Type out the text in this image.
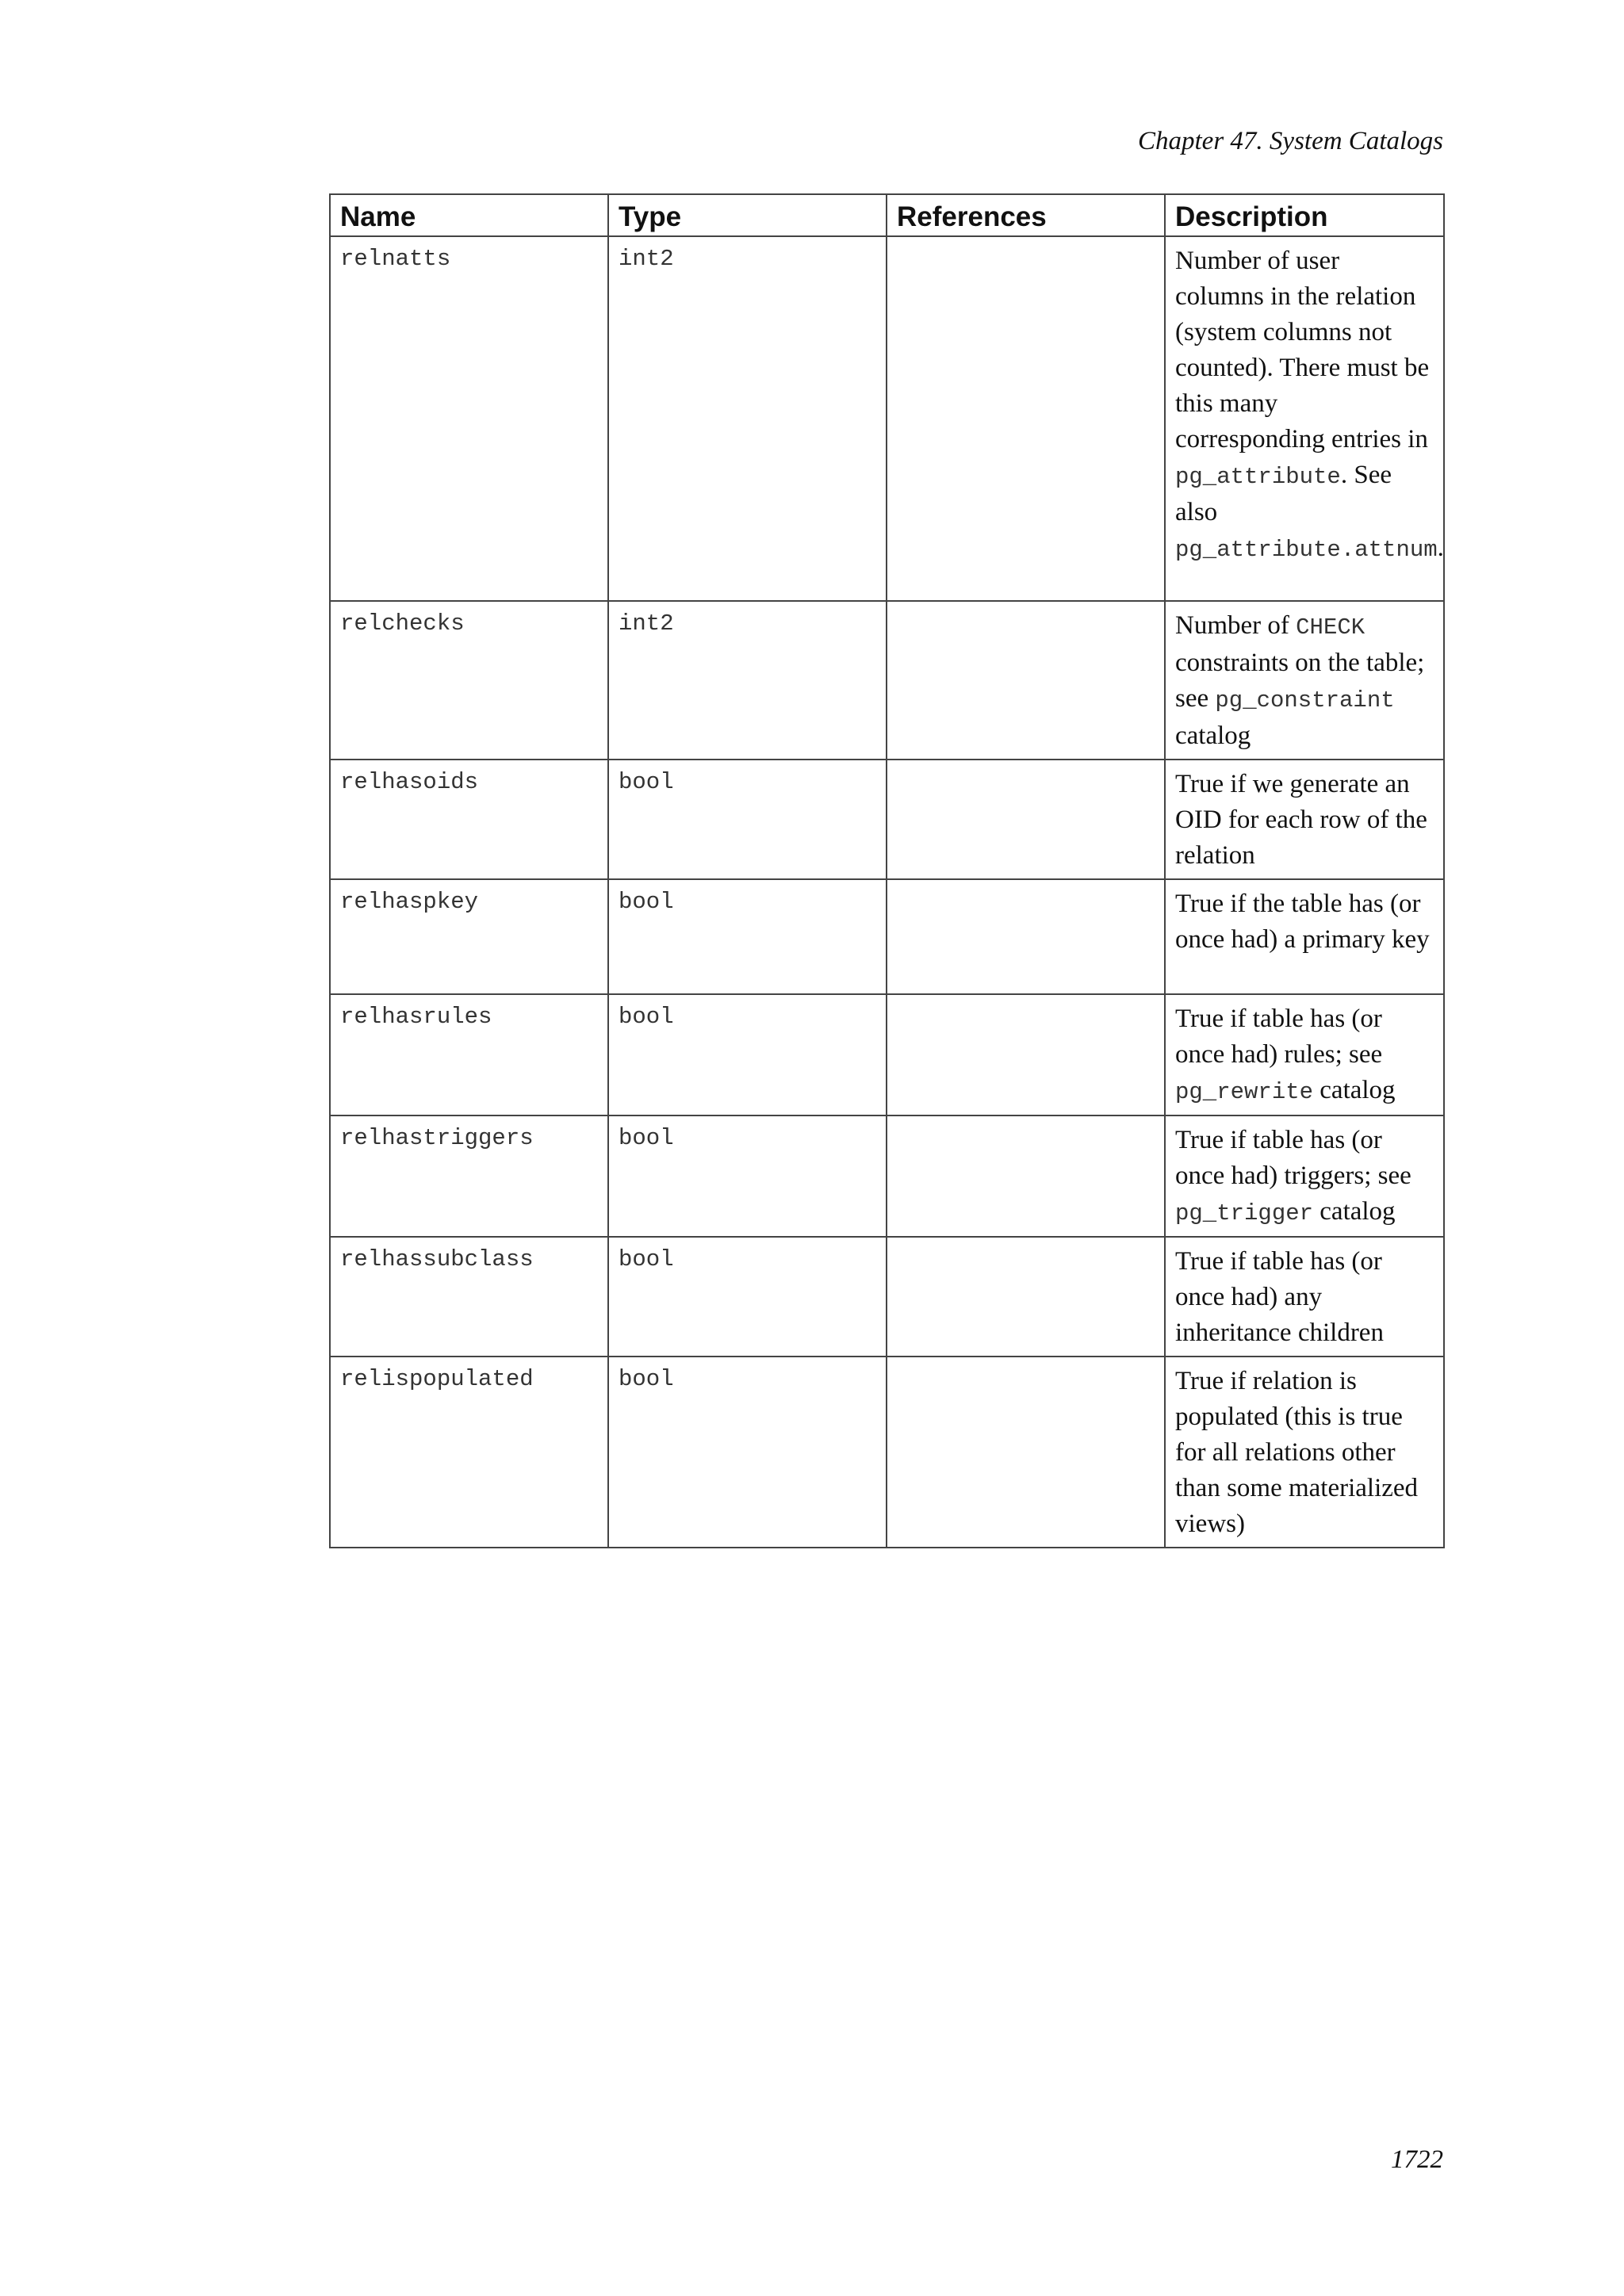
Chapter 47. System Catalogs
Name	Type	References	Description
relnatts	int2		Number of user columns in the relation (system columns not counted). There must be this many corresponding entries in pg_attribute. See also pg_attribute.attnum.
relchecks	int2		Number of CHECK constraints on the table; see pg_constraint catalog
relhasoids	bool		True if we generate an OID for each row of the relation
relhaspkey	bool		True if the table has (or once had) a primary key
relhasrules	bool		True if table has (or once had) rules; see pg_rewrite catalog
relhastriggers	bool		True if table has (or once had) triggers; see pg_trigger catalog
relhassubclass	bool		True if table has (or once had) any inheritance children
relispopulated	bool		True if relation is populated (this is true for all relations other than some materialized views)
1722
